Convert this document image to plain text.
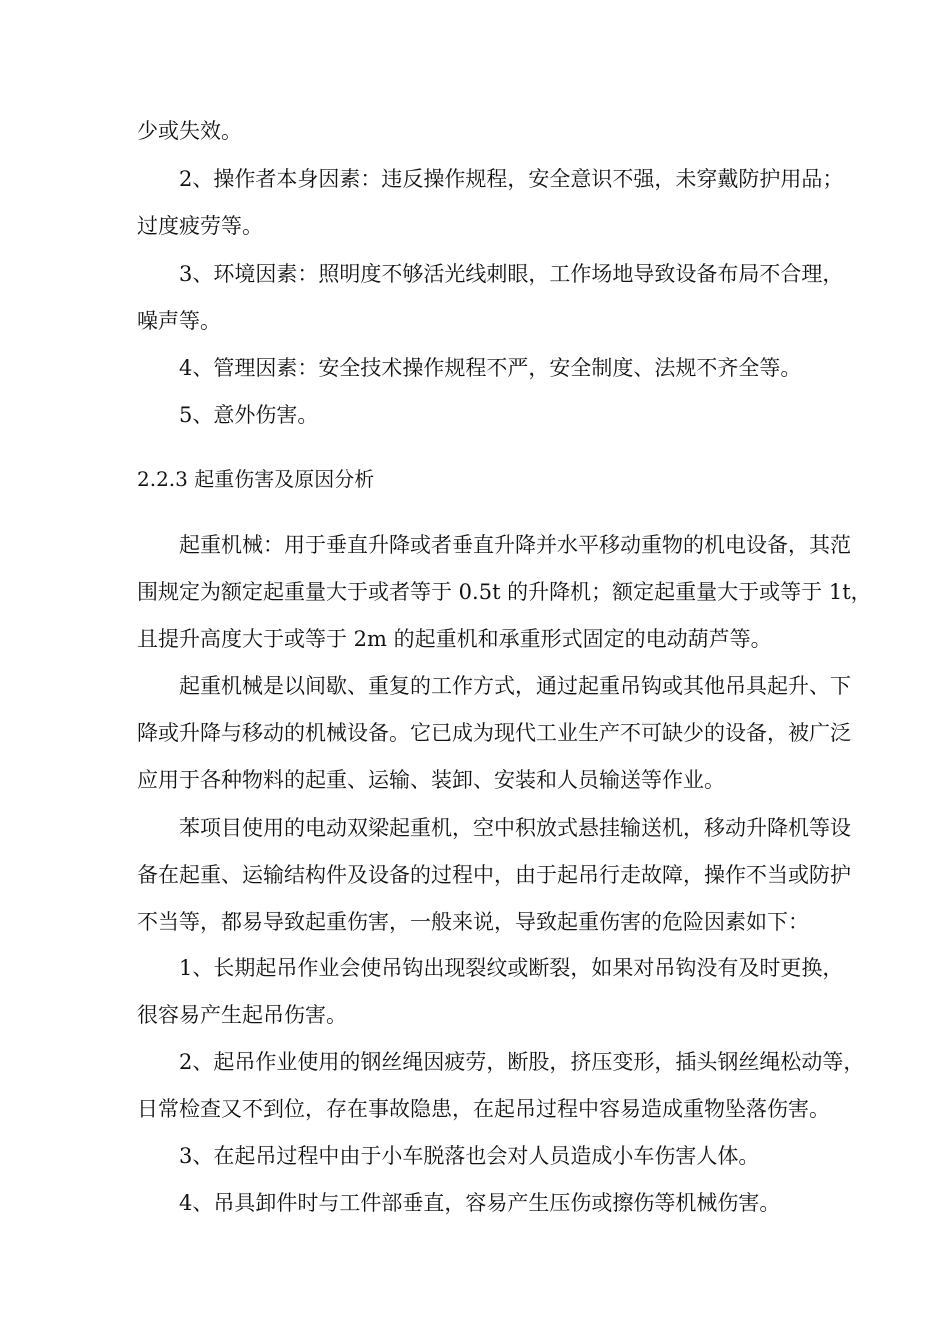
少或失效。
2、操作者本身因素：违反操作规程，安全意识不强，未穿戴防护用品；
过度疲劳等。
3、环境因素：照明度不够活光线刺眼，工作场地导致设备布局不合理，
噪声等。
4、管理因素：安全技术操作规程不严，安全制度、法规不齐全等。
5、意外伤害。
2.2.3 起重伤害及原因分析
起重机械：用于垂直升降或者垂直升降并水平移动重物的机电设备，其范
围规定为额定起重量大于或者等于 0.5t 的升降机；额定起重量大于或等于 1t，
且提升高度大于或等于 2m 的起重机和承重形式固定的电动葫芦等。
起重机械是以间歇、重复的工作方式，通过起重吊钩或其他吊具起升、下
降或升降与移动的机械设备。它已成为现代工业生产不可缺少的设备，被广泛
应用于各种物料的起重、运输、装卸、安装和人员输送等作业。
苯项目使用的电动双梁起重机，空中积放式悬挂输送机，移动升降机等设
备在起重、运输结构件及设备的过程中，由于起吊行走故障，操作不当或防护
不当等，都易导致起重伤害，一般来说，导致起重伤害的危险因素如下：
1、长期起吊作业会使吊钩出现裂纹或断裂，如果对吊钩没有及时更换，
很容易产生起吊伤害。
2、起吊作业使用的钢丝绳因疲劳，断股，挤压变形，插头钢丝绳松动等，
日常检查又不到位，存在事故隐患，在起吊过程中容易造成重物坠落伤害。
3、在起吊过程中由于小车脱落也会对人员造成小车伤害人体。
4、吊具卸件时与工件部垂直，容易产生压伤或擦伤等机械伤害。
